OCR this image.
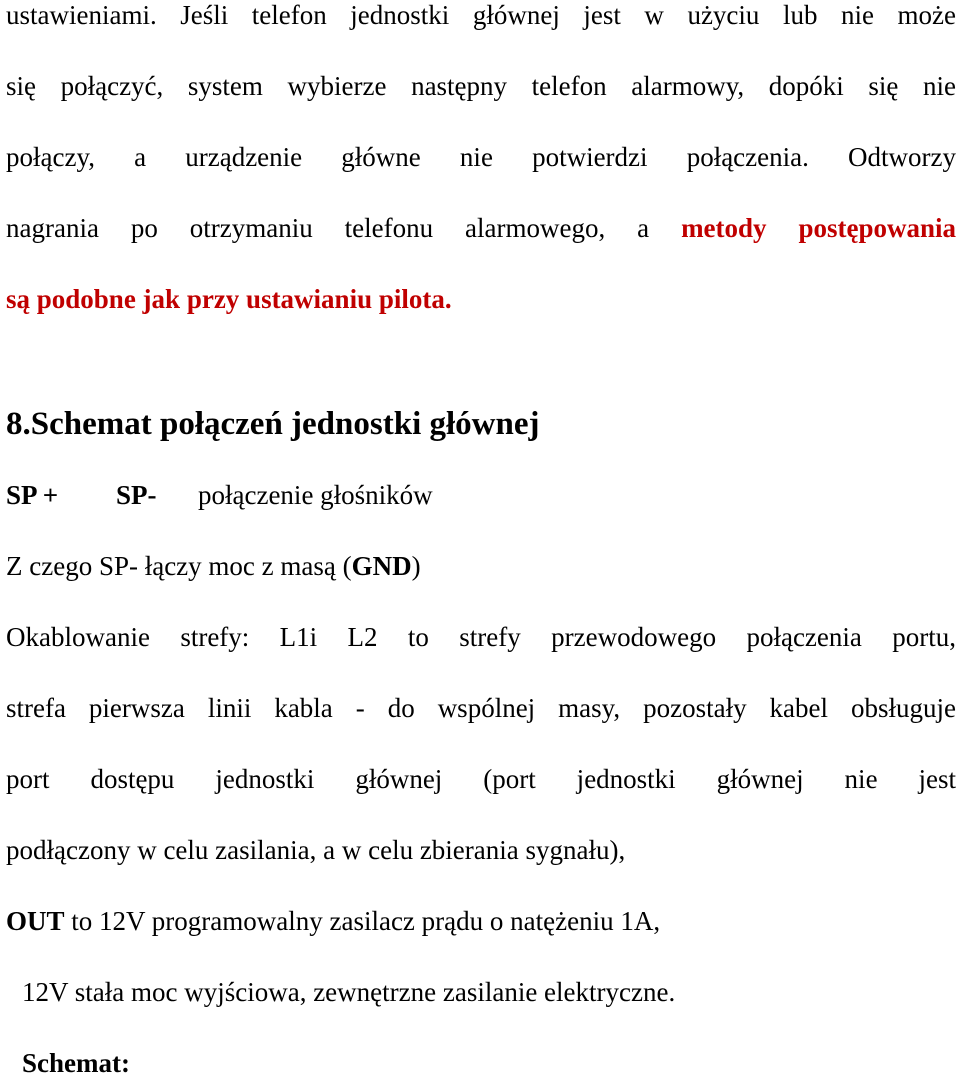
ustawieniami. Jeśli telefon jednostki głównej jest w użyciu lub nie może
się połączyć, system wybierze następny telefon alarmowy, dopóki się nie
połączy, a urządzenie główne nie potwierdzi połączenia. Odtworzy
nagrania po otrzymaniu telefonu alarmowego, a metody postępowania
są podobne jak przy ustawianiu pilota.
8.Schemat połączeń jednostki głównej
SP + SP- połączenie głośników
Z czego SP- łączy moc z masą (GND)
Okablowanie strefy: L1i L2 to strefy przewodowego połączenia portu,
strefa pierwsza linii kabla - do wspólnej masy, pozostały kabel obsługuje
port dostępu jednostki głównej (port jednostki głównej nie jest
podłączony w celu zasilania, a w celu zbierania sygnału),
OUT to 12V programowalny zasilacz prądu o natężeniu 1A,
12V stała moc wyjściowa, zewnętrzne zasilanie elektryczne.
Schemat:
